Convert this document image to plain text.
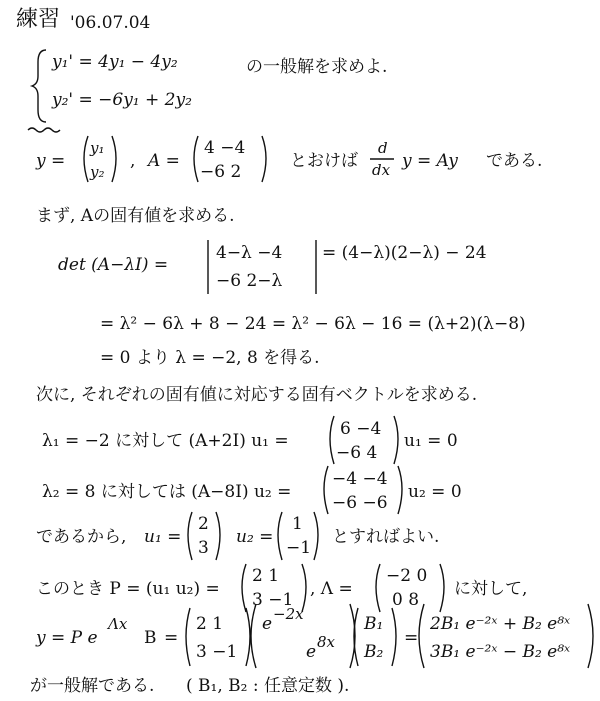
練習 '06.07.04
y₁' = 4y₁ − 4y₂
y₂' = −6y₁ + 2y₂
の一般解を求めよ.
y =
y₁
y₂
, A =
4 −4
−6 2
とおけば
d
dx y = Ay である.
まず, Aの固有値を求める.
det (A−λI) =
4−λ −4
−6 2−λ
= (4−λ)(2−λ) − 24
= λ² − 6λ + 8 − 24 = λ² − 6λ − 16 = (λ+2)(λ−8)
= 0 より λ = −2, 8 を得る.
次に, それぞれの固有値に対応する固有ベクトルを求める.
λ₁ = −2 に対して (A+2I) u₁ =
6 −4
−6 4
u₁ = 0
λ₂ = 8 に対しては (A−8I) u₂ =
−4 −4
−6 −6
u₂ = 0
であるから, u₁ =
2
3
u₂ =
1
−1
とすればよい.
このとき P = (u₁ u₂) =
2 1
3 −1
, Λ =
−2 0
0 8
に対して,
y = P e
Λx
B =
2 1
3 −1
e −2x
e 8x
B₁
B₂
=
2B₁ e⁻²ˣ + B₂ e⁸ˣ
3B₁ e⁻²ˣ − B₂ e⁸ˣ
が一般解である. ( B₁, B₂ : 任意定数 ).
